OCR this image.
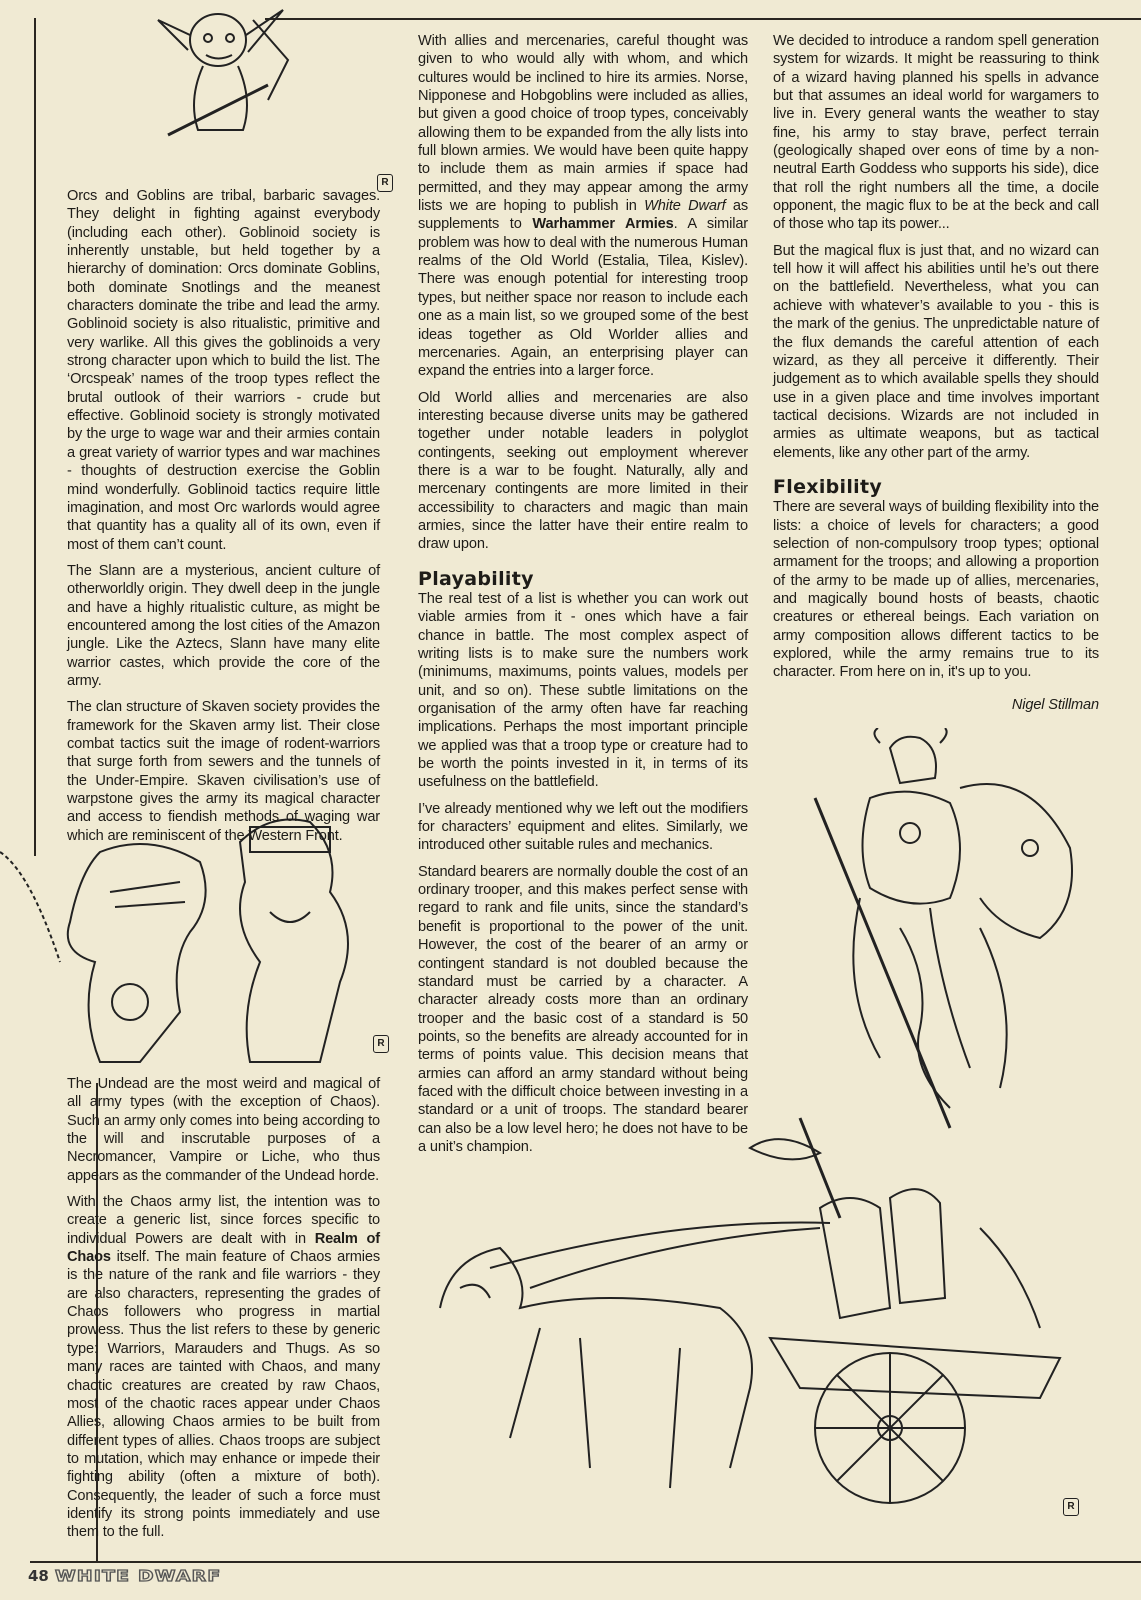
R
R
R

Orcs and Goblins are tribal, barbaric savages. They delight in fighting against everybody (including each other). Goblinoid society is inherently unstable, but held together by a hierarchy of domination: Orcs dominate Goblins, both dominate Snotlings and the meanest characters dominate the tribe and lead the army. Goblinoid society is also ritualistic, primitive and very warlike. All this gives the goblinoids a very strong character upon which to build the list. The ‘Orcspeak’ names of the troop types reflect the brutal outlook of their warriors - crude but effective. Goblinoid society is strongly motivated by the urge to wage war and their armies contain a great variety of warrior types and war machines - thoughts of destruction exercise the Goblin mind wonderfully. Goblinoid tactics require little imagination, and most Orc warlords would agree that quantity has a quality all of its own, even if most of them can’t count.

The Slann are a mysterious, ancient culture of otherworldly origin. They dwell deep in the jungle and have a highly ritualistic culture, as might be encountered among the lost cities of the Amazon jungle. Like the Aztecs, Slann have many elite warrior castes, which provide the core of the army.

The clan structure of Skaven society provides the framework for the Skaven army list. Their close combat tactics suit the image of rodent-warriors that surge forth from sewers and the tunnels of the Under-Empire. Skaven civilisation’s use of warpstone gives the army its magical character and access to fiendish methods of waging war which are reminiscent of the Western Front.

The Undead are the most weird and magical of all army types (with the exception of Chaos). Such an army only comes into being according to the will and inscrutable purposes of a Necromancer, Vampire or Liche, who thus appears as the commander of the Undead horde.

With the Chaos army list, the intention was to create a generic list, since forces specific to individual Powers are dealt with in Realm of Chaos itself. The main feature of Chaos armies is the nature of the rank and file warriors - they are also characters, representing the grades of Chaos followers who progress in martial prowess. Thus the list refers to these by generic type: Warriors, Marauders and Thugs. As so many races are tainted with Chaos, and many chaotic creatures are created by raw Chaos, most of the chaotic races appear under Chaos Allies, allowing Chaos armies to be built from different types of allies. Chaos troops are subject to mutation, which may enhance or impede their fighting ability (often a mixture of both). Consequently, the leader of such a force must identify its strong points immediately and use them to the full.

With allies and mercenaries, careful thought was given to who would ally with whom, and which cultures would be inclined to hire its armies. Norse, Nipponese and Hobgoblins were included as allies, but given a good choice of troop types, conceivably allowing them to be expanded from the ally lists into full blown armies. We would have been quite happy to include them as main armies if space had permitted, and they may appear among the army lists we are hoping to publish in White Dwarf as supplements to Warhammer Armies. A similar problem was how to deal with the numerous Human realms of the Old World (Estalia, Tilea, Kislev). There was enough potential for interesting troop types, but neither space nor reason to include each one as a main list, so we grouped some of the best ideas together as Old Worlder allies and mercenaries. Again, an enterprising player can expand the entries into a larger force.

Old World allies and mercenaries are also interesting because diverse units may be gathered together under notable leaders in polyglot contingents, seeking out employment wherever there is a war to be fought. Naturally, ally and mercenary contingents are more limited in their accessibility to characters and magic than main armies, since the latter have their entire realm to draw upon.

Playability

The real test of a list is whether you can work out viable armies from it - ones which have a fair chance in battle. The most complex aspect of writing lists is to make sure the numbers work (minimums, maximums, points values, models per unit, and so on). These subtle limitations on the organisation of the army often have far reaching implications. Perhaps the most important principle we applied was that a troop type or creature had to be worth the points invested in it, in terms of its usefulness on the battlefield.

I’ve already mentioned why we left out the modifiers for characters’ equipment and elites. Similarly, we introduced other suitable rules and mechanics.

Standard bearers are normally double the cost of an ordinary trooper, and this makes perfect sense with regard to rank and file units, since the standard’s benefit is proportional to the power of the unit. However, the cost of the bearer of an army or contingent standard is not doubled because the standard must be carried by a character. A character already costs more than an ordinary trooper and the basic cost of a standard is 50 points, so the benefits are already accounted for in terms of points value. This decision means that armies can afford an army standard without being faced with the difficult choice between investing in a standard or a unit of troops. The standard bearer can also be a low level hero; he does not have to be a unit’s champion.

We decided to introduce a random spell generation system for wizards. It might be reassuring to think of a wizard having planned his spells in advance but that assumes an ideal world for wargamers to live in. Every general wants the weather to stay fine, his army to stay brave, perfect terrain (geologically shaped over eons of time by a non-neutral Earth Goddess who supports his side), dice that roll the right numbers all the time, a docile opponent, the magic flux to be at the beck and call of those who tap its power...

But the magical flux is just that, and no wizard can tell how it will affect his abilities until he’s out there on the battlefield. Nevertheless, what you can achieve with whatever’s available to you - this is the mark of the genius. The unpredictable nature of the flux demands the careful attention of each wizard, as they all perceive it differently. Their judgement as to which available spells they should use in a given place and time involves important tactical decisions. Wizards are not included in armies as ultimate weapons, but as tactical elements, like any other part of the army.

Flexibility

There are several ways of building flexibility into the lists: a choice of levels for characters; a good selection of non-compulsory troop types; optional armament for the troops; and allowing a proportion of the army to be made up of allies, mercenaries, and magically bound hosts of beasts, chaotic creatures or ethereal beings. Each variation on army composition allows different tactics to be explored, while the army remains true to its character. From here on in, it's up to you.

Nigel Stillman

48 WHITE DWARF
